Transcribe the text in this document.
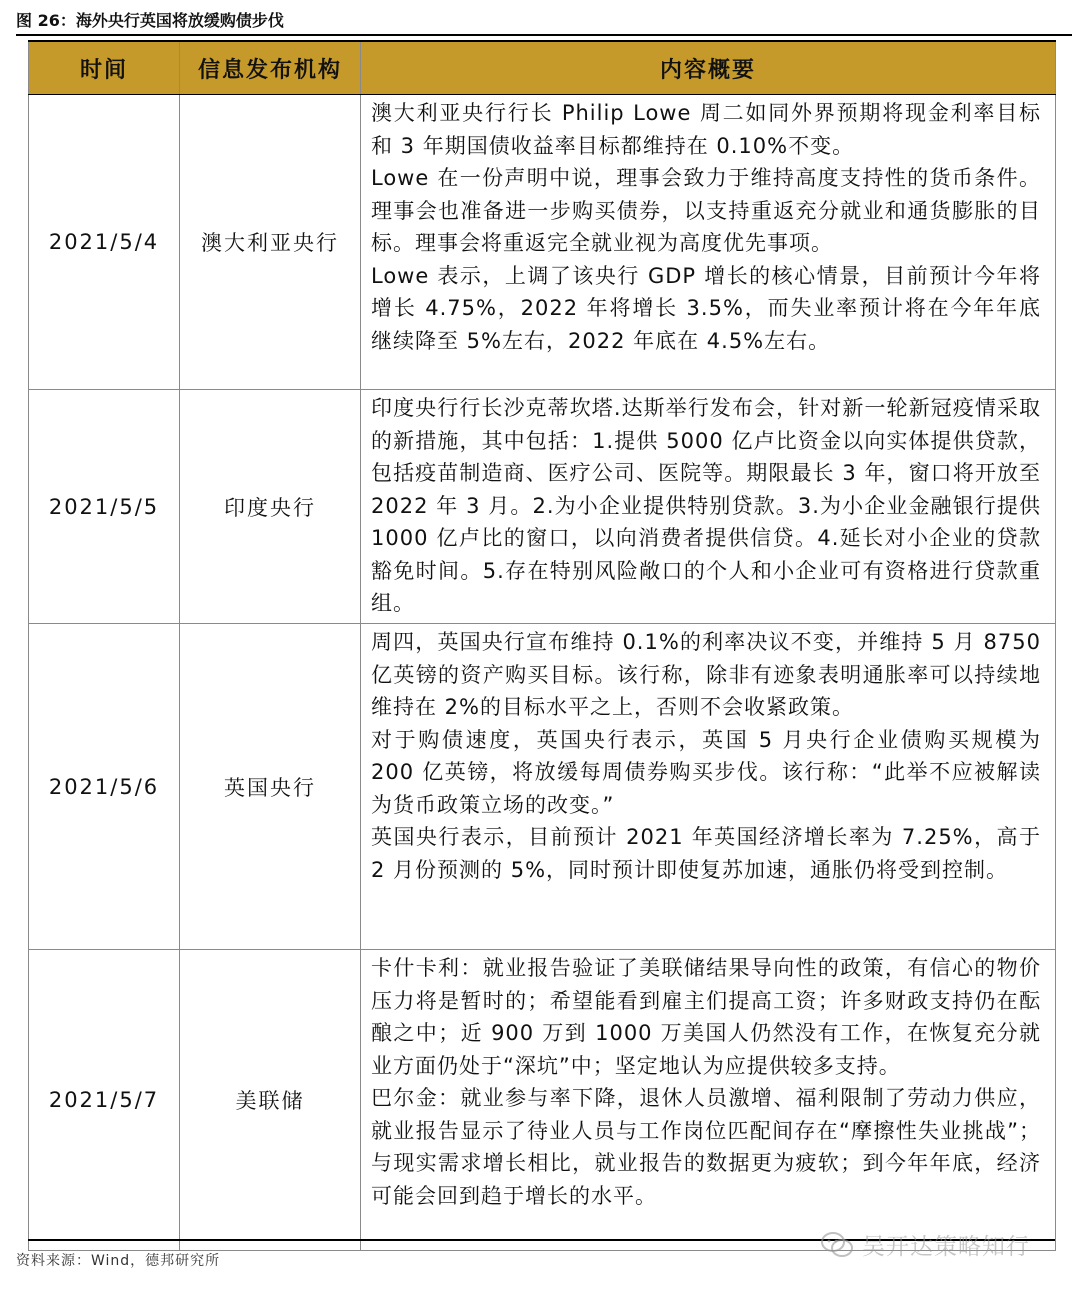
图 26：海外央行英国将放缓购债步伐
时间	信息发布机构	内容概要
2021/5/4	澳大利亚央行	澳大利亚央行行长 Philip Lowe 周二如同外界预期将现金利率目标和 3 年期国债收益率目标都维持在 0.10%不变。

Lowe 在一份声明中说，理事会致力于维持高度支持性的货币条件。理事会也准备进一步购买债券，以支持重返充分就业和通货膨胀的目标。理事会将重返完全就业视为高度优先事项。

Lowe 表示，上调了该央行 GDP 增长的核心情景，目前预计今年将增长 4.75%，2022 年将增长 3.5%，而失业率预计将在今年年底继续降至 5%左右，2022 年底在 4.5%左右。

2021/5/5	印度央行	印度央行行长沙克蒂坎塔.达斯举行发布会，针对新一轮新冠疫情采取的新措施，其中包括：1.提供 5000 亿卢比资金以向实体提供贷款，包括疫苗制造商、医疗公司、医院等。期限最长 3 年，窗口将开放至 2022 年 3 月。2.为小企业提供特别贷款。3.为小企业金融银行提供 1000 亿卢比的窗口，以向消费者提供信贷。4.延长对小企业的贷款豁免时间。5.存在特别风险敞口的个人和小企业可有资格进行贷款重组。

2021/5/6	英国央行	周四，英国央行宣布维持 0.1%的利率决议不变，并维持 5 月 8750 亿英镑的资产购买目标。该行称，除非有迹象表明通胀率可以持续地维持在 2%的目标水平之上，否则不会收紧政策。

对于购债速度，英国央行表示，英国 5 月央行企业债购买规模为 200 亿英镑，将放缓每周债券购买步伐。该行称：“此举不应被解读为货币政策立场的改变。”

英国央行表示，目前预计 2021 年英国经济增长率为 7.25%，高于 2 月份预测的 5%，同时预计即使复苏加速，通胀仍将受到控制。

2021/5/7	美联储	卡什卡利：就业报告验证了美联储结果导向性的政策，有信心的物价压力将是暂时的；希望能看到雇主们提高工资；许多财政支持仍在酝酿之中；近 900 万到 1000 万美国人仍然没有工作，在恢复充分就业方面仍处于“深坑”中；坚定地认为应提供较多支持。

巴尔金：就业参与率下降，退休人员激增、福利限制了劳动力供应，就业报告显示了待业人员与工作岗位匹配间存在“摩擦性失业挑战”；与现实需求增长相比，就业报告的数据更为疲软；到今年年底，经济可能会回到趋于增长的水平。

资料来源：Wind，德邦研究所
吴开达策略知行
